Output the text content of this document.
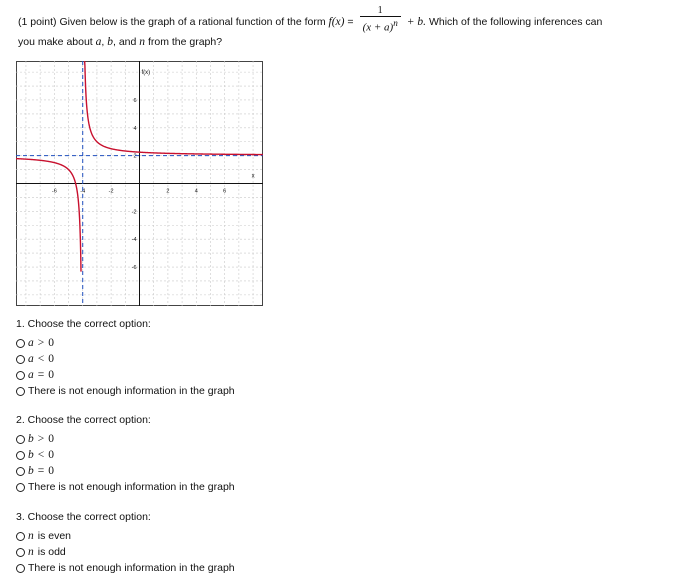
(1 point) Given below is the graph of a rational function of the form $f(x) = \frac{1}{(x + a)^n} + b$. Which of the following inferences can
you make about a, b, and n from the graph?
-6	-4	-2	2	4	6
6
4
2
-2
-4
-6
f(x)
x
1. Choose the correct option:
a > 0
a < 0
a = 0
There is not enough information in the graph
2. Choose the correct option:
b > 0
b < 0
b = 0
There is not enough information in the graph
3. Choose the correct option:
n is even
n is odd
There is not enough information in the graph
